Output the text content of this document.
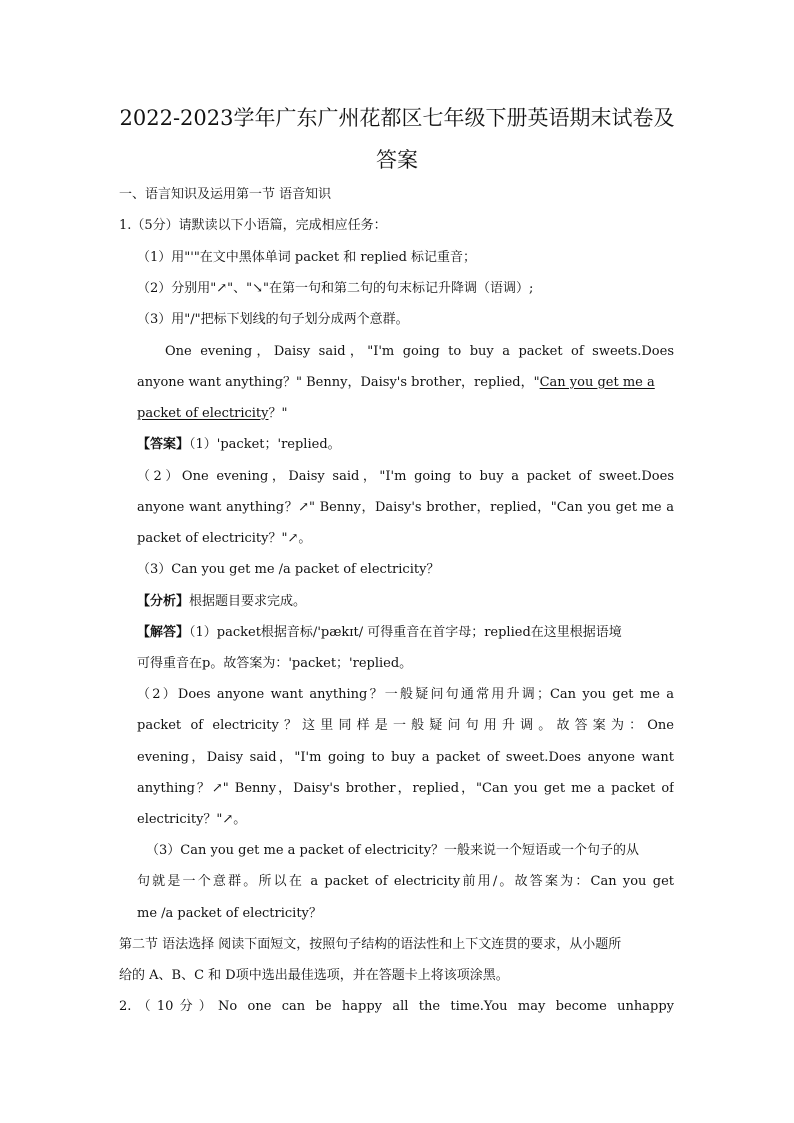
2022-2023学年广东广州花都区七年级下册英语期末试卷及
答案
一、语言知识及运用第一节 语音知识
1.（5分）请默读以下小语篇，完成相应任务：
（1）用"'"在文中黑体单词 packet 和 replied 标记重音；
（2）分别用"↗"、"↘"在第一句和第二句的句末标记升降调（语调）;
（3）用"/"把标下划线的句子划分成两个意群。
One evening，Daisy said，"I'm going to buy a packet of sweets.Does
anyone want anything？" Benny，Daisy's brother，replied，"Can you get me a
packet of electricity？"
【答案】（1）'packet；'replied。
（2）One evening，Daisy said，"I'm going to buy a packet of sweet.Does
anyone want anything？↗" Benny，Daisy's brother，replied，"Can you get me a
packet of electricity？"↗。
（3）Can you get me /a packet of electricity？
【分析】根据题目要求完成。
【解答】（1）packet根据音标/'pækɪt/ 可得重音在首字母；replied在这里根据语境
可得重音在p。故答案为：'packet；'replied。
（2）Does anyone want anything？一般疑问句通常用升调；Can you get me a
packet of electricity？这里同样是一般疑问句用升调。故答案为：One
evening，Daisy said，"I'm going to buy a packet of sweet.Does anyone want
anything？↗" Benny，Daisy's brother，replied，"Can you get me a packet of
electricity？"↗。
（3）Can you get me a packet of electricity？一般来说一个短语或一个句子的从
句就是一个意群。所以在 a packet of electricity前用/。故答案为：Can you get
me /a packet of electricity？
第二节 语法选择 阅读下面短文，按照句子结构的语法性和上下文连贯的要求，从小题所
给的 A、B、C 和 D项中选出最佳选项，并在答题卡上将该项涂黑。
2.（10分）No one can be happy all the time.You may become unhappy
